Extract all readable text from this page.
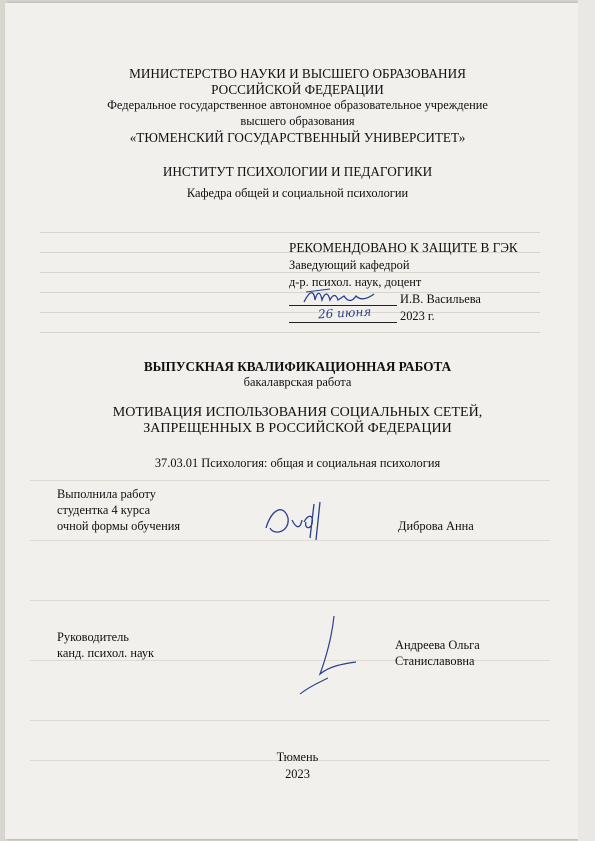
МИНИСТЕРСТВО НАУКИ И ВЫСШЕГО ОБРАЗОВАНИЯ
РОССИЙСКОЙ ФЕДЕРАЦИИ
Федеральное государственное автономное образовательное учреждение
высшего образования
«ТЮМЕНСКИЙ ГОСУДАРСТВЕННЫЙ УНИВЕРСИТЕТ»
ИНСТИТУТ ПСИХОЛОГИИ И ПЕДАГОГИКИ
Кафедра общей и социальной психологии
РЕКОМЕНДОВАНО К ЗАЩИТЕ В ГЭК
Заведующий кафедрой
д-р. психол. наук, доцент
И.В. Васильева
26 июня 2023 г.
ВЫПУСКНАЯ КВАЛИФИКАЦИОННАЯ РАБОТА
бакалаврская работа
МОТИВАЦИЯ ИСПОЛЬЗОВАНИЯ СОЦИАЛЬНЫХ СЕТЕЙ,
ЗАПРЕЩЕННЫХ В РОССИЙСКОЙ ФЕДЕРАЦИИ
37.03.01 Психология: общая и социальная психология
Выполнила работу
студентка 4 курса
очной формы обучения	Диброва Анна
Руководитель
канд. психол. наук
Андреева Ольга
Станиславовна
Тюмень
2023
